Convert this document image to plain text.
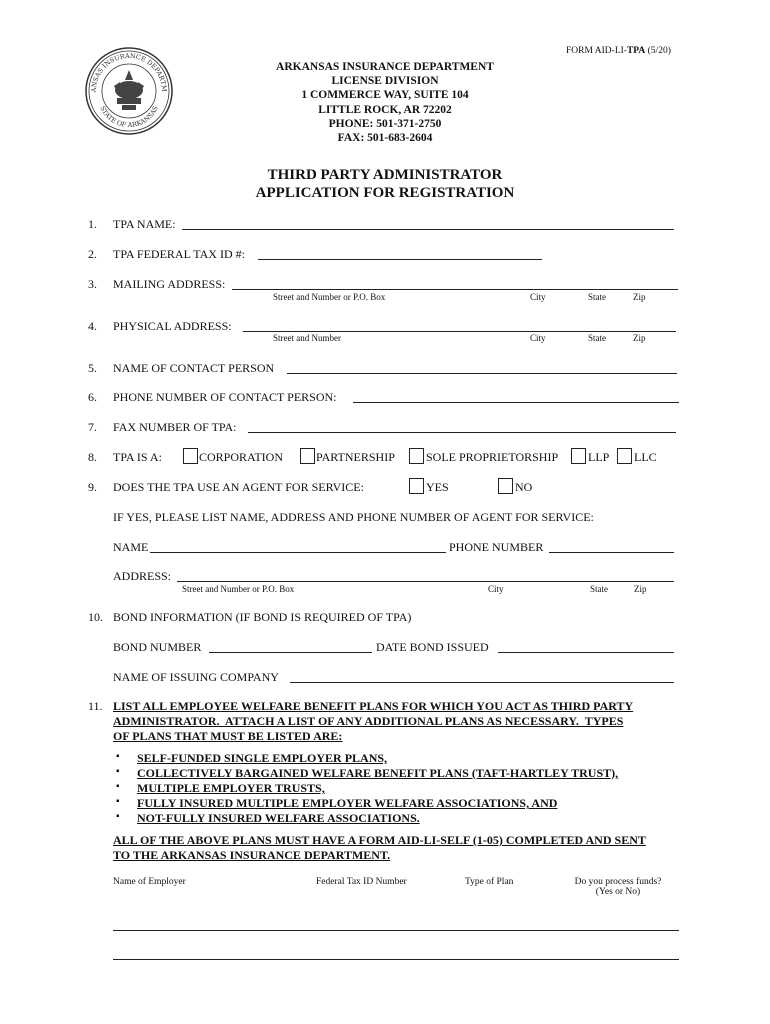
FORM AID-LI-TPA (5/20)
ANSAS INSURANCE DEPARTM
STATE OF ARKANSAS
ARKANSAS INSURANCE DEPARTMENT
LICENSE DIVISION
1 COMMERCE WAY, SUITE 104
LITTLE ROCK, AR 72202
PHONE: 501-371-2750
FAX: 501-683-2604
THIRD PARTY ADMINISTRATOR
APPLICATION FOR REGISTRATION
1. TPA NAME:
2. TPA FEDERAL TAX ID #:
3. MAILING ADDRESS:
Street and Number or P.O. Box	City	State	Zip
4. PHYSICAL ADDRESS:
Street and Number	City	State	Zip
5. NAME OF CONTACT PERSON
6. PHONE NUMBER OF CONTACT PERSON:
7. FAX NUMBER OF TPA:
8. TPA IS A:	CORPORATION	PARTNERSHIP	SOLE PROPRIETORSHIP LLP LLC
9. DOES THE TPA USE AN AGENT FOR SERVICE:	YES	NO
IF YES, PLEASE LIST NAME, ADDRESS AND PHONE NUMBER OF AGENT FOR SERVICE:
NAME	PHONE NUMBER
ADDRESS:
Street and Number or P.O. Box	City	State	Zip
10. BOND INFORMATION (IF BOND IS REQUIRED OF TPA)
BOND NUMBER	DATE BOND ISSUED
NAME OF ISSUING COMPANY
11. LIST ALL EMPLOYEE WELFARE BENEFIT PLANS FOR WHICH YOU ACT AS THIRD PARTY
ADMINISTRATOR.  ATTACH A LIST OF ANY ADDITIONAL PLANS AS NECESSARY.  TYPES
OF PLANS THAT MUST BE LISTED ARE:
▪ SELF-FUNDED SINGLE EMPLOYER PLANS,
▪ COLLECTIVELY BARGAINED WELFARE BENEFIT PLANS (TAFT-HARTLEY TRUST),
▪ MULTIPLE EMPLOYER TRUSTS,
▪ FULLY INSURED MULTIPLE EMPLOYER WELFARE ASSOCIATIONS, AND
▪ NOT-FULLY INSURED WELFARE ASSOCIATIONS.
ALL OF THE ABOVE PLANS MUST HAVE A FORM AID-LI-SELF (1-05) COMPLETED AND SENT
TO THE ARKANSAS INSURANCE DEPARTMENT.
Name of Employer	Federal Tax ID Number	Type of Plan	Do you process funds?
(Yes or No)
